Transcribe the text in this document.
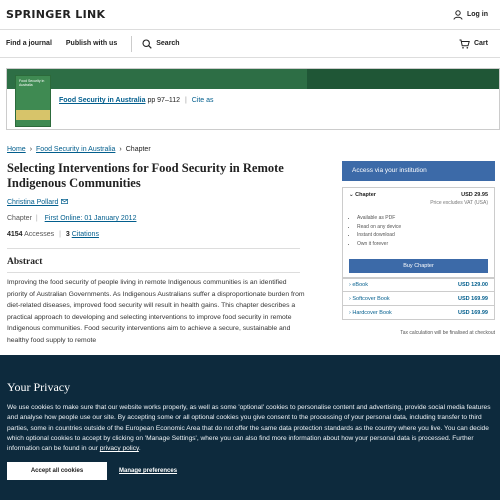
SPRINGER LINK	Log in
Find a journal Publish with us	Search	Cart
Food Security in Australia
Food Security in Australia pp 97–112 | Cite as
Home › Food Security in Australia › Chapter
Selecting Interventions for Food Security in Remote Indigenous Communities
Christina Pollard
Chapter | First Online: 01 January 2012
4154 Accesses | 3 Citations
Abstract

Improving the food security of people living in remote Indigenous communities is an identified priority of Australian Governments. As Indigenous Australians suffer a disproportionate burden from diet-related diseases, improved food security will result in health gains. This chapter describes a practical approach to developing and selecting interventions to improve food security in remote Indigenous communities. Food security interventions aim to achieve a secure, sustainable and healthy food supply to remote

Access via your institution
⌄ Chapter	USD 29.95
Price excludes VAT (USA)
• Available as PDF
• Read on any device
• Instant download
• Own it forever
Buy Chapter
› eBook	USD 129.00
› Softcover Book	USD 169.99
› Hardcover Book	USD 169.99
Tax calculation will be finalised at checkout
Your Privacy

We use cookies to make sure that our website works properly, as well as some 'optional' cookies to personalise content and advertising, provide social media features and analyse how people use our site. By accepting some or all optional cookies you give consent to the processing of your personal data, including transfer to third parties, some in countries outside of the European Economic Area that do not offer the same data protection standards as the country where you live. You can decide which optional cookies to accept by clicking on 'Manage Settings', where you can also find more information about how your personal data is processed. Further information can be found in our privacy policy.

Accept all cookies	Manage preferences
